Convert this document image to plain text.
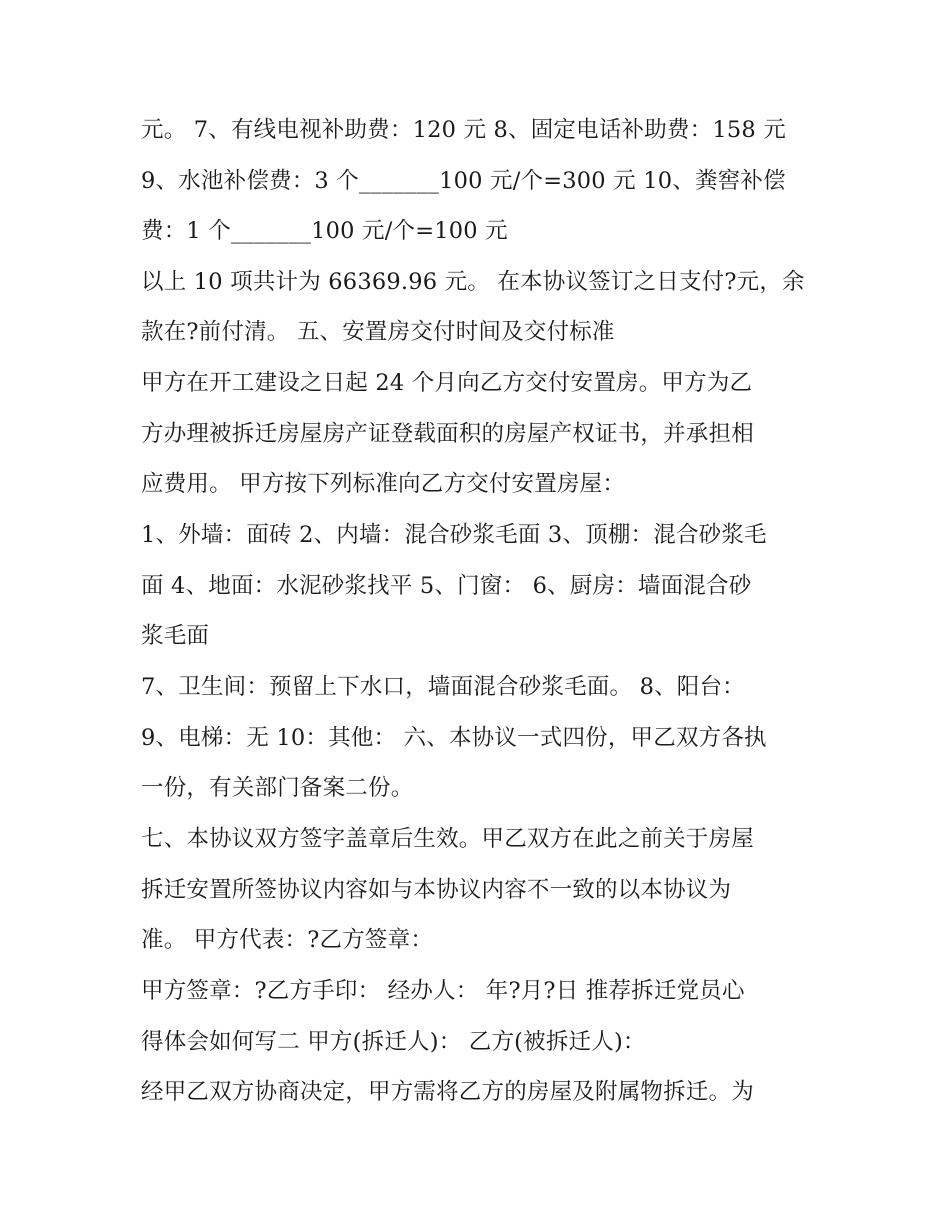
元。 7、有线电视补助费：120 元 8、固定电话补助费：158 元
9、水池补偿费：3 个_______100 元/个=300 元 10、粪窖补偿
费：1 个_______100 元/个=100 元
以上 10 项共计为 66369.96 元。 在本协议签订之日支付?元，余
款在?前付清。 五、安置房交付时间及交付标准
甲方在开工建设之日起 24 个月向乙方交付安置房。甲方为乙
方办理被拆迁房屋房产证登载面积的房屋产权证书，并承担相
应费用。 甲方按下列标准向乙方交付安置房屋：
1、外墙：面砖 2、内墙：混合砂浆毛面 3、顶棚：混合砂浆毛
面 4、地面：水泥砂浆找平 5、门窗： 6、厨房：墙面混合砂
浆毛面
7、卫生间：预留上下水口，墙面混合砂浆毛面。 8、阳台：
9、电梯：无 10：其他： 六、本协议一式四份，甲乙双方各执
一份，有关部门备案二份。
七、本协议双方签字盖章后生效。甲乙双方在此之前关于房屋
拆迁安置所签协议内容如与本协议内容不一致的以本协议为
准。 甲方代表：?乙方签章：
甲方签章：?乙方手印： 经办人： 年?月?日 推荐拆迁党员心
得体会如何写二 甲方(拆迁人)： 乙方(被拆迁人)：
经甲乙双方协商决定，甲方需将乙方的房屋及附属物拆迁。为
